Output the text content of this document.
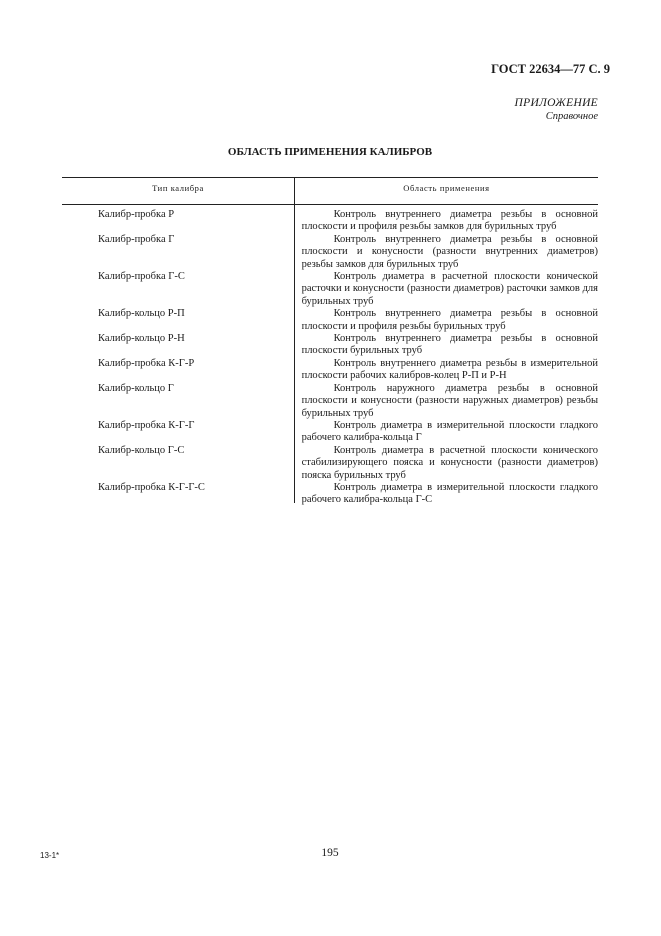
ГОСТ 22634—77 С. 9
ПРИЛОЖЕНИЕ
Справочное
ОБЛАСТЬ ПРИМЕНЕНИЯ КАЛИБРОВ
Тип калибра	Область применения
Калибр-пробка Р	Контроль внутреннего диаметра резьбы в основной плоскости и профиля резьбы замков для бурильных труб
Калибр-пробка Г	Контроль внутреннего диаметра резьбы в основной плоскости и конусности (разности внутренних диаметров) резьбы замков для бурильных труб
Калибр-пробка Г-С	Контроль диаметра в расчетной плоскости конической расточки и конусности (разности диаметров) расточки замков для бурильных труб
Калибр-кольцо Р-П	Контроль внутреннего диаметра резьбы в основной плоскости и профиля резьбы бурильных труб
Калибр-кольцо Р-Н	Контроль внутреннего диаметра резьбы в основной плоскости бурильных труб
Калибр-пробка К-Г-Р	Контроль внутреннего диаметра резьбы в измерительной плоскости рабочих калибров-колец Р-П и Р-Н
Калибр-кольцо Г	Контроль наружного диаметра резьбы в основной плоскости и конусности (разности наружных диаметров) резьбы бурильных труб
Калибр-пробка К-Г-Г	Контроль диаметра в измерительной плоскости гладкого рабочего калибра-кольца Г
Калибр-кольцо Г-С	Контроль диаметра в расчетной плоскости конического стабилизирующего пояска и конусности (разности диаметров) пояска бурильных труб
Калибр-пробка К-Г-Г-С	Контроль диаметра в измерительной плоскости гладкого рабочего калибра-кольца Г-С
13-1*	195
